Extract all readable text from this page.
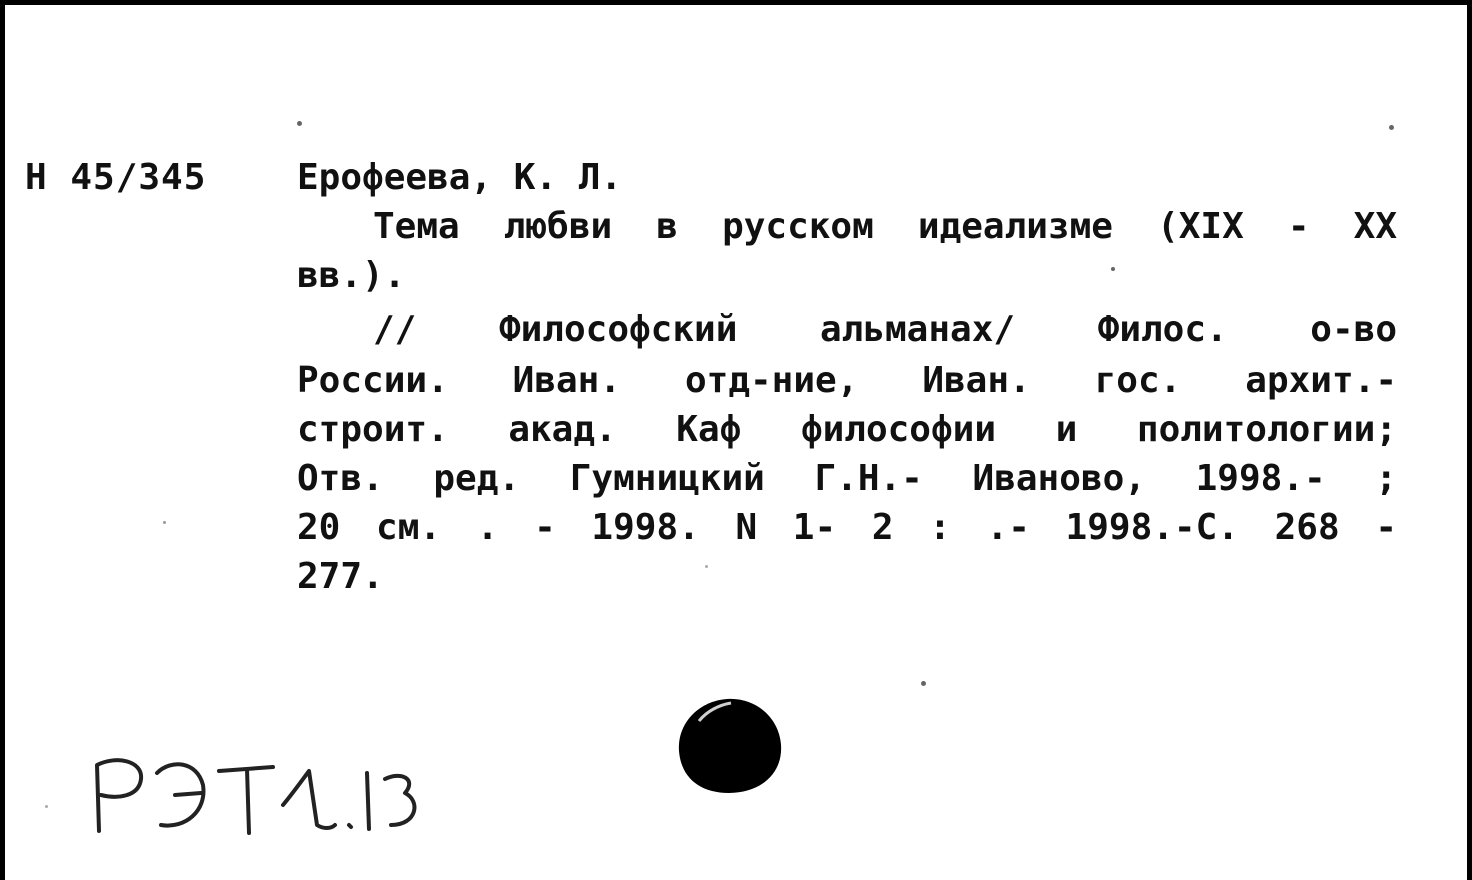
Н 45/345	Ерофеева, К. Л.
Тема любви в русском идеализме (XIX - XX
вв.).
// Философский альманах/ Филос. о-во
России. Иван. отд-ние, Иван. гос. архит.-
строит. акад. Каф философии и политологии;
Отв. ред. Гумницкий Г.Н.- Иваново, 1998.- ;
20 см. . - 1998. N 1- 2 : .- 1998.-С. 268 -
277.
